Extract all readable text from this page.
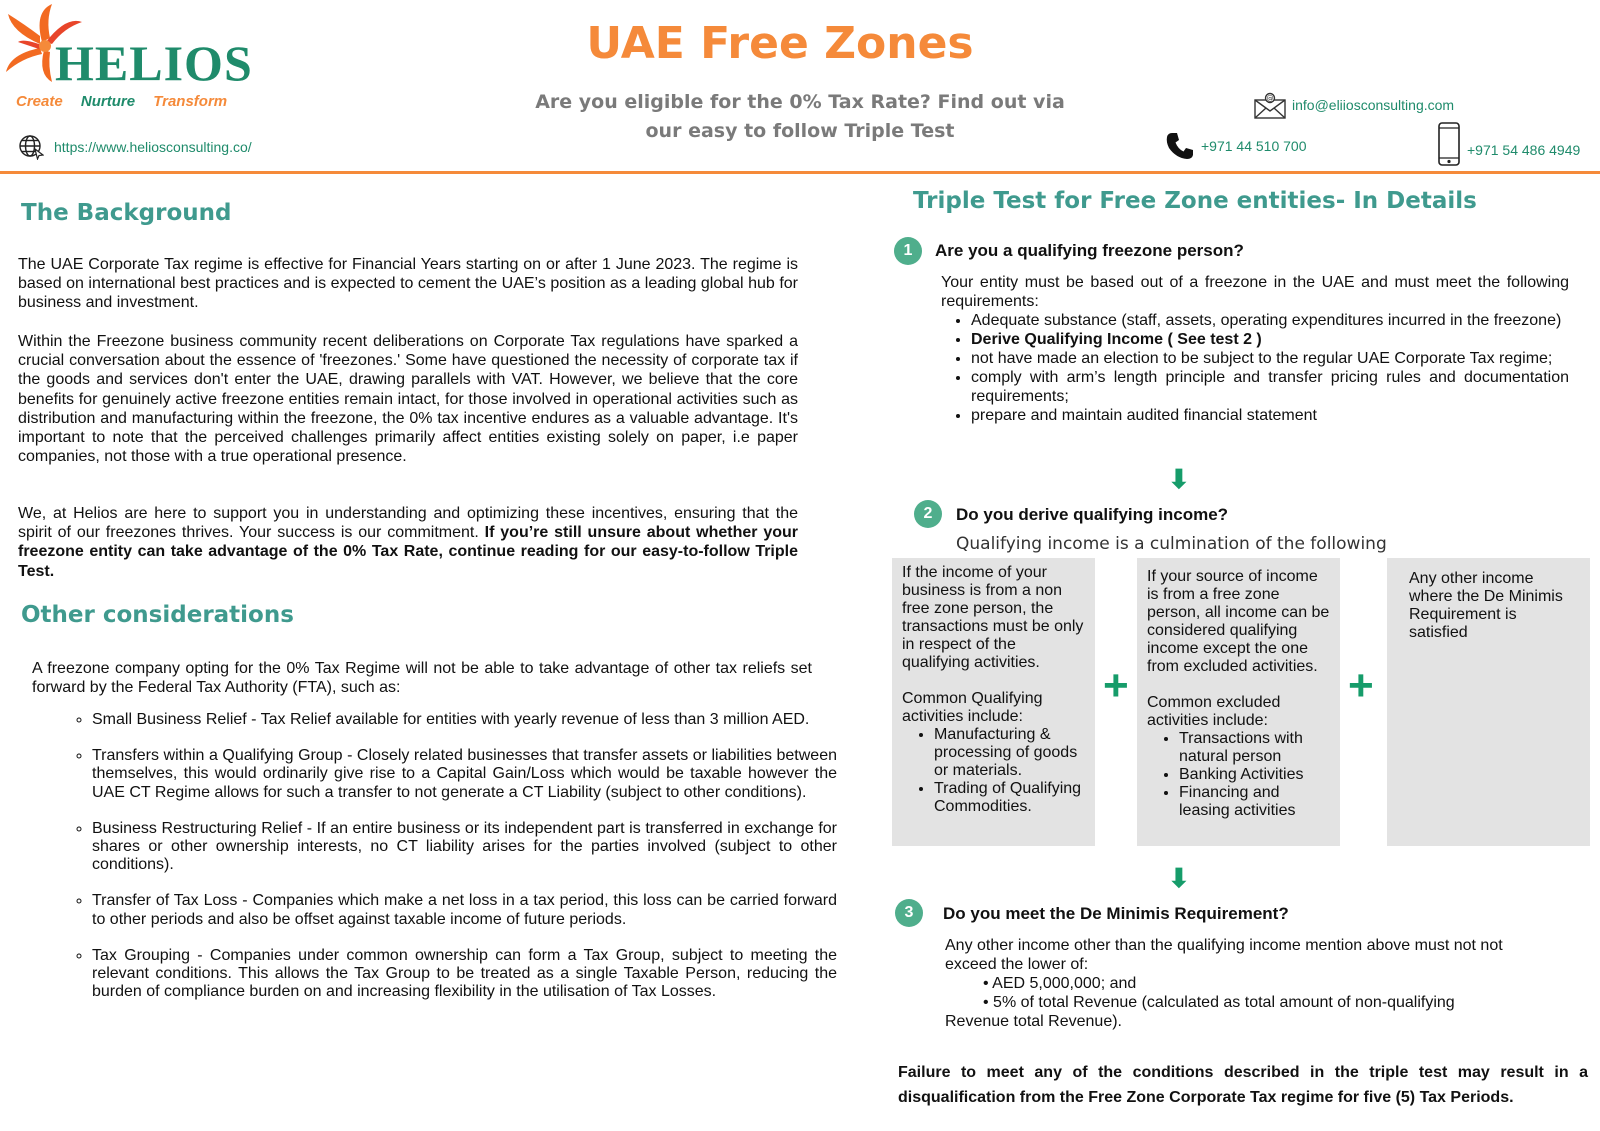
HELIOS
Create Nurture Transform
https://www.heliosconsulting.co/
UAE Free Zones
Are you eligible for the 0% Tax Rate? Find out via our easy to follow Triple Test
@ info@eliiosconsulting.com
+971 44 510 700	+971 54 486 4949
The Background

The UAE Corporate Tax regime is effective for Financial Years starting on or after 1 June 2023. The regime is based on international best practices and is expected to cement the UAE’s position as a leading global hub for business and investment.

Within the Freezone business community recent deliberations on Corporate Tax regulations have sparked a crucial conversation about the essence of 'freezones.' Some have questioned the necessity of corporate tax if the goods and services don't enter the UAE, drawing parallels with VAT. However, we believe that the core benefits for genuinely active freezone entities remain intact, for those involved in operational activities such as distribution and manufacturing within the freezone, the 0% tax incentive endures as a valuable advantage. It's important to note that the perceived challenges primarily affect entities existing solely on paper, i.e paper companies, not those with a true operational presence.

We, at Helios are here to support you in understanding and optimizing these incentives, ensuring that the spirit of our freezones thrives. Your success is our commitment. If you’re still unsure about whether your freezone entity can take advantage of the 0% Tax Rate, continue reading for our easy-to-follow Triple Test.

Other considerations

A freezone company opting for the 0% Tax Regime will not be able to take advantage of other tax reliefs set forward by the Federal Tax Authority (FTA), such as:

◦ Small Business Relief - Tax Relief available for entities with yearly revenue of less than 3 million AED.
◦ Transfers within a Qualifying Group - Closely related businesses that transfer assets or liabilities between themselves, this would ordinarily give rise to a Capital Gain/Loss which would be taxable however the UAE CT Regime allows for such a transfer to not generate a CT Liability (subject to other conditions).
◦ Business Restructuring Relief - If an entire business or its independent part is transferred in exchange for shares or other ownership interests, no CT liability arises for the parties involved (subject to other conditions).
◦ Transfer of Tax Loss - Companies which make a net loss in a tax period, this loss can be carried forward to other periods and also be offset against taxable income of future periods.
◦ Tax Grouping - Companies under common ownership can form a Tax Group, subject to meeting the relevant conditions. This allows the Tax Group to be treated as a single Taxable Person, reducing the burden of compliance burden on and increasing flexibility in the utilisation of Tax Losses.
Triple Test for Free Zone entities- In Details
1	Are you a qualifying freezone person?
Your entity must be based out of a freezone in the UAE and must meet the following requirements:
• Adequate substance (staff, assets, operating expenditures incurred in the freezone)
• Derive Qualifying Income ( See test 2 )
• not have made an election to be subject to the regular UAE Corporate Tax regime;
• comply with arm’s length principle and transfer pricing rules and documentation requirements;
• prepare and maintain audited financial statement
⬇
2	Do you derive qualifying income?
Qualifying income is a culmination of the following
If the income of your business is from a non free zone person, the transactions must be only in respect of the qualifying activities.
Common Qualifying activities include:
• Manufacturing & processing of goods or materials.
• Trading of Qualifying Commodities.
+
If your source of income is from a free zone person, all income can be considered qualifying income except the one from excluded activities.
Common excluded activities include:
• Transactions with natural person
• Banking Activities
• Financing and leasing activities
+
Any other income where the De Minimis Requirement is satisfied
⬇
3	Do you meet the De Minimis Requirement?
Any other income other than the qualifying income mention above must not not exceed the lower of:
• AED 5,000,000; and
• 5% of total Revenue (calculated as total amount of non-qualifying
Revenue total Revenue).
Failure to meet any of the conditions described in the triple test may result in a disqualification from the Free Zone Corporate Tax regime for five (5) Tax Periods.
